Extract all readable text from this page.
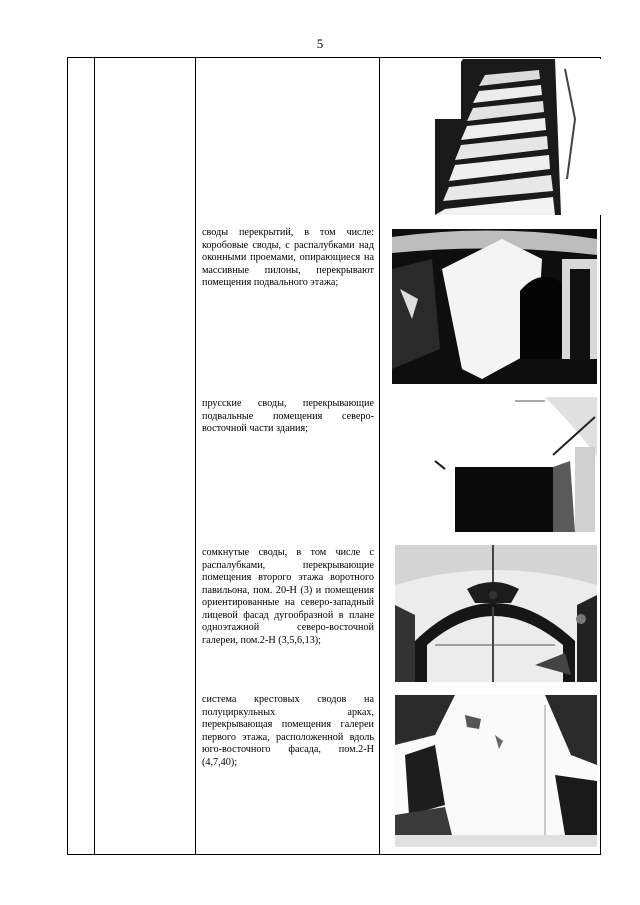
5
своды перекрытий, в том числе: коробовые своды, с распалубками над оконными проемами, опирающиеся на массивные пилоны, перекрывают помещения подвального этажа;
прусские своды, перекрывающие подвальные помещения северо-восточной части здания;
сомкнутые своды, в том числе с распалубками, перекрывающие помещения второго этажа воротного павильона, пом. 20-Н (3) и помещения ориентированные на северо-западный лицевой фасад дугообразной в плане одноэтажной северо-восточной галереи, пом.2-Н (3,5,6,13);
система крестовых сводов на полуциркульных арках, перекрывающая помещения галереи первого этажа, расположенной вдоль юго-восточного фасада, пом.2-Н (4,7,40);
